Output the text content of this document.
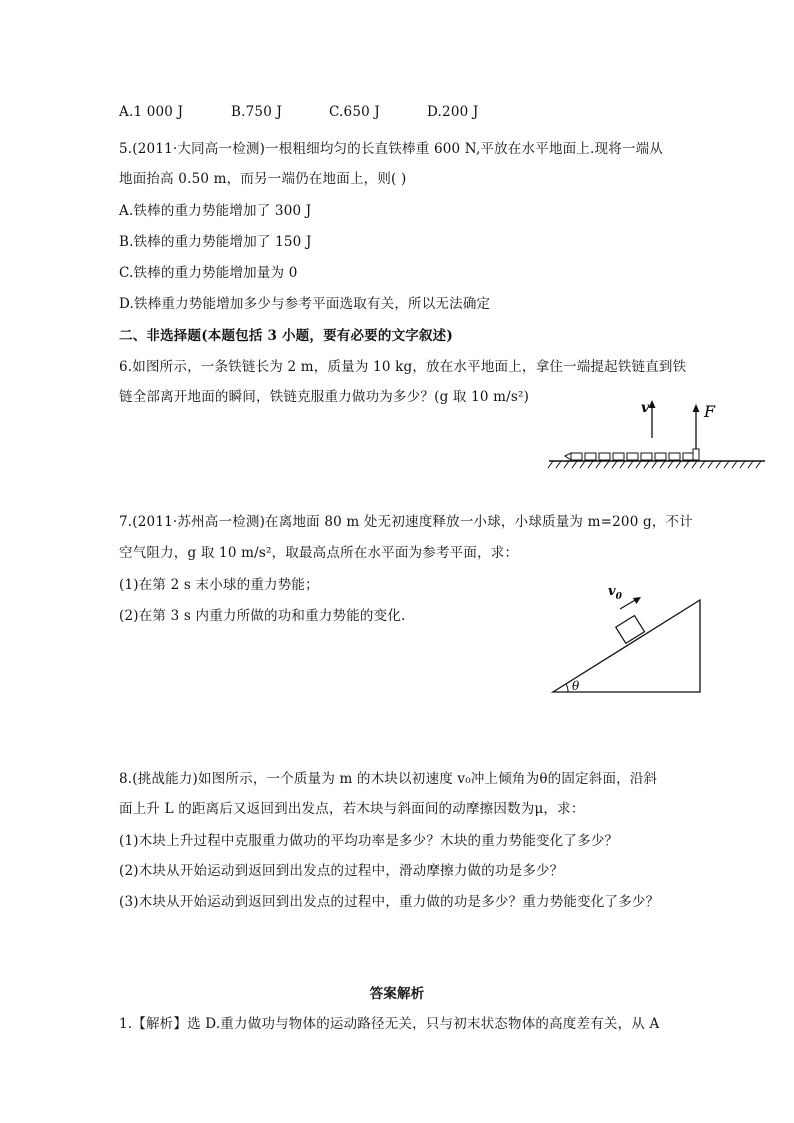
A.1 000 J	B.750 J	C.650 J	D.200 J
5.(2011·大同高一检测)一根粗细均匀的长直铁棒重 600 N,平放在水平地面上.现将一端从
地面抬高 0.50 m，而另一端仍在地面上，则( )
A.铁棒的重力势能增加了 300 J
B.铁棒的重力势能增加了 150 J
C.铁棒的重力势能增加量为 0
D.铁棒重力势能增加多少与参考平面选取有关，所以无法确定
二、非选择题(本题包括 3 小题，要有必要的文字叙述)
6.如图所示，一条铁链长为 2 m，质量为 10 kg，放在水平地面上，拿住一端提起铁链直到铁
链全部离开地面的瞬间，铁链克服重力做功为多少？(g 取 10 m/s²)
v	F
7.(2011·苏州高一检测)在离地面 80 m 处无初速度释放一小球，小球质量为 m=200 g，不计
空气阻力，g 取 10 m/s²，取最高点所在水平面为参考平面，求：
(1)在第 2 s 末小球的重力势能；
(2)在第 3 s 内重力所做的功和重力势能的变化.
$v_0$
θ
8.(挑战能力)如图所示，一个质量为 m 的木块以初速度 v₀冲上倾角为θ的固定斜面，沿斜
面上升 L 的距离后又返回到出发点，若木块与斜面间的动摩擦因数为μ，求：
(1)木块上升过程中克服重力做功的平均功率是多少？木块的重力势能变化了多少？
(2)木块从开始运动到返回到出发点的过程中，滑动摩擦力做的功是多少？
(3)木块从开始运动到返回到出发点的过程中，重力做的功是多少？重力势能变化了多少？
答案解析
1.【解析】选 D.重力做功与物体的运动路径无关，只与初末状态物体的高度差有关，从 A
